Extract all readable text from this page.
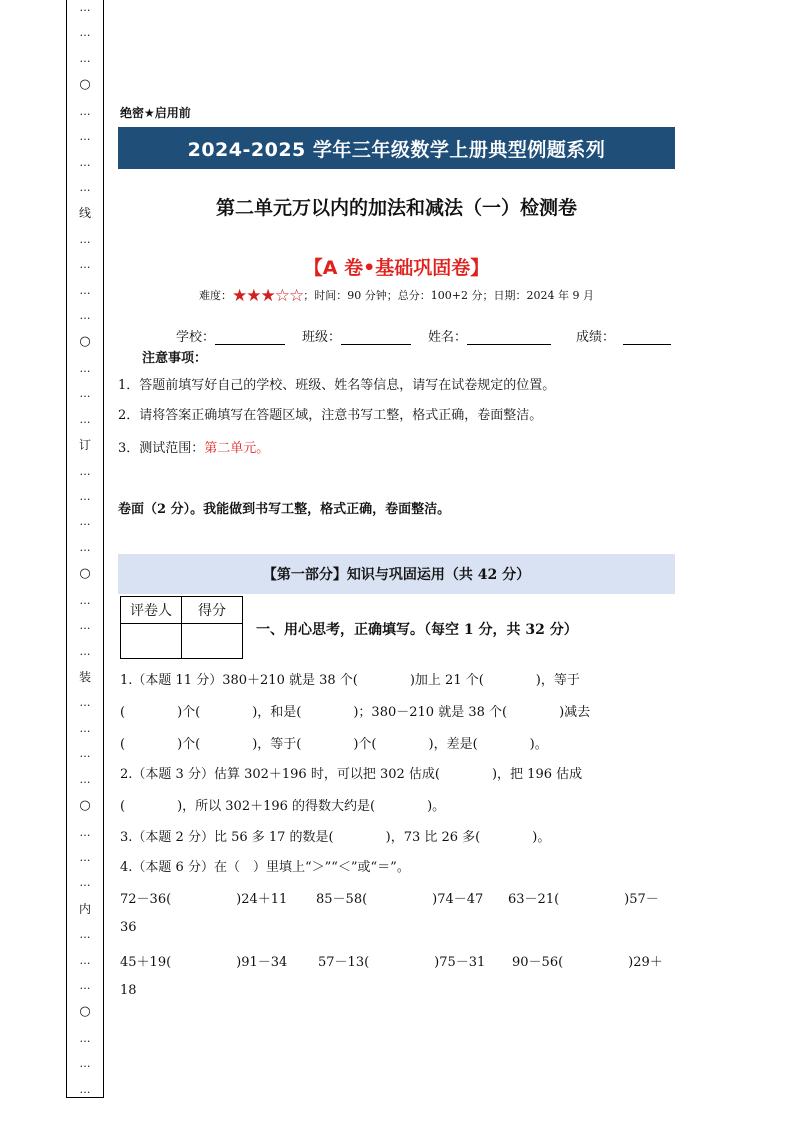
…
…
…
○
…
…
…
…
线
…
…
…
…
○
…
…
…
订
…
…
…
…
○
…
…
…
装
…
…
…
…
○
…
…
…
内
…
…
…
○
…
…
…
绝密★启用前
2024-2025 学年三年级数学上册典型例题系列
第二单元万以内的加法和减法（一）检测卷
【A 卷•基础巩固卷】
难度：★★★☆☆；时间：90 分钟；总分：100+2 分；日期：2024 年 9 月
学校：	班级：	姓名：	成绩：
注意事项：
1．答题前填写好自己的学校、班级、姓名等信息，请写在试卷规定的位置。
2．请将答案正确填写在答题区域，注意书写工整，格式正确，卷面整洁。
3．测试范围：第二单元。
卷面（2 分）。我能做到书写工整，格式正确，卷面整洁。
【第一部分】知识与巩固运用（共 42 分）
评卷人	得分

一、用心思考，正确填写。（每空 1 分，共 32 分）
1.（本题 11 分）380＋210 就是 38 个(　　　　)加上 21 个(　　　　)，等于
(　　　　)个(　　　　)，和是(　　　　)；380－210 就是 38 个(　　　　)减去
(　　　　)个(　　　　)，等于(　　　　)个(　　　　)，差是(　　　　)。
2.（本题 3 分）估算 302＋196 时，可以把 302 估成(　　　　)，把 196 估成
(　　　　)，所以 302＋196 的得数大约是(　　　　)。
3.（本题 2 分）比 56 多 17 的数是(　　　　)，73 比 26 多(　　　　)。
4.（本题 6 分）在（　）里填上“＞”“＜”或“＝”。
72－36(　　　　　)24＋11 85－58(　　　　　)74－47 63－21(　　　　　)57－
36
45＋19(　　　　　)91－34 57－13(　　　　　)75－31 90－56(　　　　　)29＋
18
